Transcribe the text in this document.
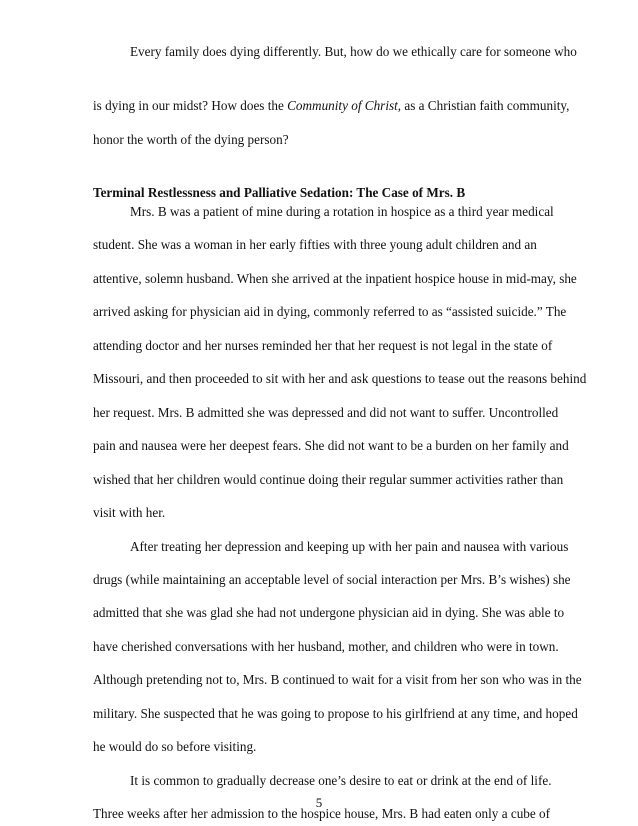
Every family does dying differently. But, how do we ethically care for someone who
is dying in our midst? How does the Community of Christ, as a Christian faith community,
honor the worth of the dying person?
Terminal Restlessness and Palliative Sedation: The Case of Mrs. B
Mrs. B was a patient of mine during a rotation in hospice as a third year medical
student. She was a woman in her early fifties with three young adult children and an
attentive, solemn husband. When she arrived at the inpatient hospice house in mid-may, she
arrived asking for physician aid in dying, commonly referred to as “assisted suicide.” The
attending doctor and her nurses reminded her that her request is not legal in the state of
Missouri, and then proceeded to sit with her and ask questions to tease out the reasons behind
her request. Mrs. B admitted she was depressed and did not want to suffer. Uncontrolled
pain and nausea were her deepest fears. She did not want to be a burden on her family and
wished that her children would continue doing their regular summer activities rather than
visit with her.
After treating her depression and keeping up with her pain and nausea with various
drugs (while maintaining an acceptable level of social interaction per Mrs. B’s wishes) she
admitted that she was glad she had not undergone physician aid in dying. She was able to
have cherished conversations with her husband, mother, and children who were in town.
Although pretending not to, Mrs. B continued to wait for a visit from her son who was in the
military. She suspected that he was going to propose to his girlfriend at any time, and hoped
he would do so before visiting.
It is common to gradually decrease one’s desire to eat or drink at the end of life.
Three weeks after her admission to the hospice house, Mrs. B had eaten only a cube of
5
